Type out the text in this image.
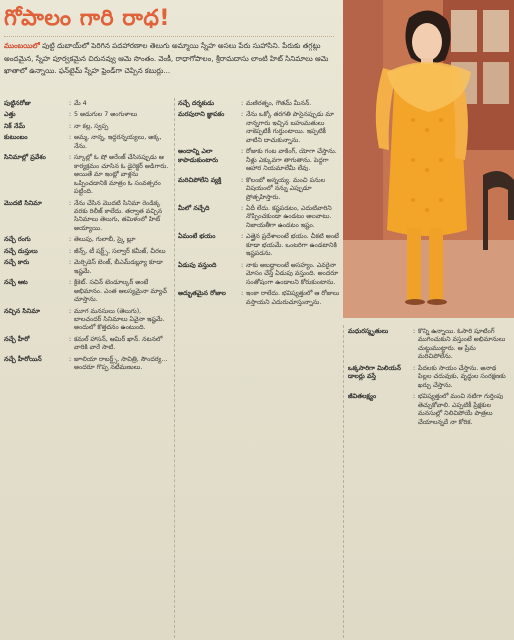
గోపాలం గారి రాధ!
ముంబయిలో పుట్టి దుబాయ్‌లో పెరిగిన పదహారణాల తెలుగు అమ్మాయి స్నేహ అసలు పేరు సుహాసిని. పేరుకు తగ్గట్లు అందమైన, స్నేహ పూర్వకమైన చిరునవ్వు ఆమె సొంతం. వెంకీ, రాధాగోపాలం, శ్రీరామదాసు లాంటి హిట్ సినిమాలు ఆమె ఖాతాలో ఉన్నాయి. ఫన్‌టైమ్ స్నేహ ఫ్రెండ్‌గా చెప్పిన కబుర్లు...
పుట్టినరోజు	: మే 4
ఎత్తు	: 5 అడుగుల 7 అంగుళాలు
నిక్ నేమ్	: నా కల్ల, స్వప్ప
కుటుంబం	: అమ్మ, నాన్న, ఇద్దరన్నయ్యలు, అక్క, నేను.
సినిమాల్లో ప్రవేశం	: స్కూల్లో ఓ షో అరేంజ్ చేసినప్పుడు ఆ కార్యక్రమం చూసిన ఓ డైరెక్టర్ అడిగారు. అయితే మా ఇంట్లో వాళ్లను ఒప్పించడానికి మాత్రం ఓ సంవత్సరం పట్టింది.
మొదటి సినిమా	: నేను చేసిన మొదటి సినిమా రెండిక్క వరకు రిలీజ్ కాలేదు. తర్వాత వచ్చిన సినిమాలు తెలుగు, తమిళంలో హిట్ అయ్యాయి.
నచ్చే రంగు	: తెలుపు, గులాబీ, స్కై బ్లూ
నచ్చే దుస్తులు	: జీన్స్, టీ షర్ట్స్, సల్వార్ కమీజ్, చీరలు
నచ్చే కారు	: మెర్సిడెస్ బెంజ్, బీఎమ్‌డబ్ల్యూ కూడా ఇష్టమే.
నచ్చే ఆట	: క్రికెట్. సచిన్ టెండూల్కర్ అంటే అభిమానం. ఎంత ఆలస్యమైనా మ్యాచ్ చూస్తాను.
నచ్చిన సినిమా	: మూగ మనసులు (తెలుగు), బాలచందర్ సినిమాలు ఏవైనా ఇష్టమే. అందులో కొత్తదనం ఉంటుంది.
నచ్చే హీరో	: కమల్ హాసన్, ఆమిర్ ఖాన్. నటనలో వారికి వారే సాటి.
నచ్చే హీరోయిన్	: జూలియా రాబర్ట్స్, సావిత్రి, సౌందర్య... అందరూ గొప్ప నటీమణులు.
నచ్చే దర్శకుడు	: మణిరత్నం, గౌతమ్ మీనన్.
మరపురాని జ్ఞాపకం	: నేను ఒక్కో తరగతి పాసైనప్పుడు మా నాన్నగారు ఇచ్చిన బహుమతులు నాకెప్పటికీ గుర్తుంటాయి. ఇప్పటికీ వాటిని దాచుకున్నాను.
అందాన్ని ఎలా కాపాడుకుంటారు
: రోజుకు గంట వాకింగ్, యోగా చేస్తాను. నీళ్లు ఎక్కువగా తాగుతాను. పెద్దగా ఆహార నియమాలేమీ లేవు.
మరిచిపోలేని వ్యక్తి	: కొలంబో అన్నయ్య. మంచి పనుల విషయంలో నన్ను ఎప్పుడూ ప్రోత్సహిస్తారు.
మీలో నచ్చేది	: ఏదీ లేదు. కష్టపడటం, ఎదుటివారిని నొప్పించకుండా ఉండటం అలవాటు. నిజాయతీగా ఉండటం ఇష్టం.
ఏమంటే భయం	: ఎత్తైన ప్రదేశాలంటే భయం. చీకటి అంటే కూడా భయమే. ఒంటరిగా ఉండటానికి ఇష్టపడను.
ఏడుపు వస్తుంది	: నాకు అబద్ధాలంటే అసహ్యం. ఎవరైనా మోసం చేస్తే ఏడుపు వస్తుంది. అందరూ సంతోషంగా ఉండాలని కోరుకుంటాను.
అద్భుతమైన రోజుల	: ఇంకా రాలేదు. భవిష్యత్తులో ఆ రోజులు వస్తాయని ఎదురుచూస్తున్నాను.
మధురస్మృతులు	: కొన్ని ఉన్నాయి. ఓసారి షూటింగ్ ముగించుకుని వస్తుంటే అభిమానులు చుట్టుముట్టారు. ఆ ప్రేమ మరిచిపోలేను.
ఒక్కసారిగా మిలియన్ డాలర్లు వస్తే
: పేదలకు సాయం చేస్తాను. అనాథ పిల్లల చదువుకు, వృద్ధుల సంరక్షణకు ఖర్చు చేస్తాను.
జీవితలక్ష్యం	: భవిష్యత్తులో మంచి నటిగా గుర్తింపు తెచ్చుకోవాలి. ఎప్పటికీ ప్రేక్షకుల మనసుల్లో నిలిచిపోయే పాత్రలు చేయాలన్నదే నా కోరిక.
